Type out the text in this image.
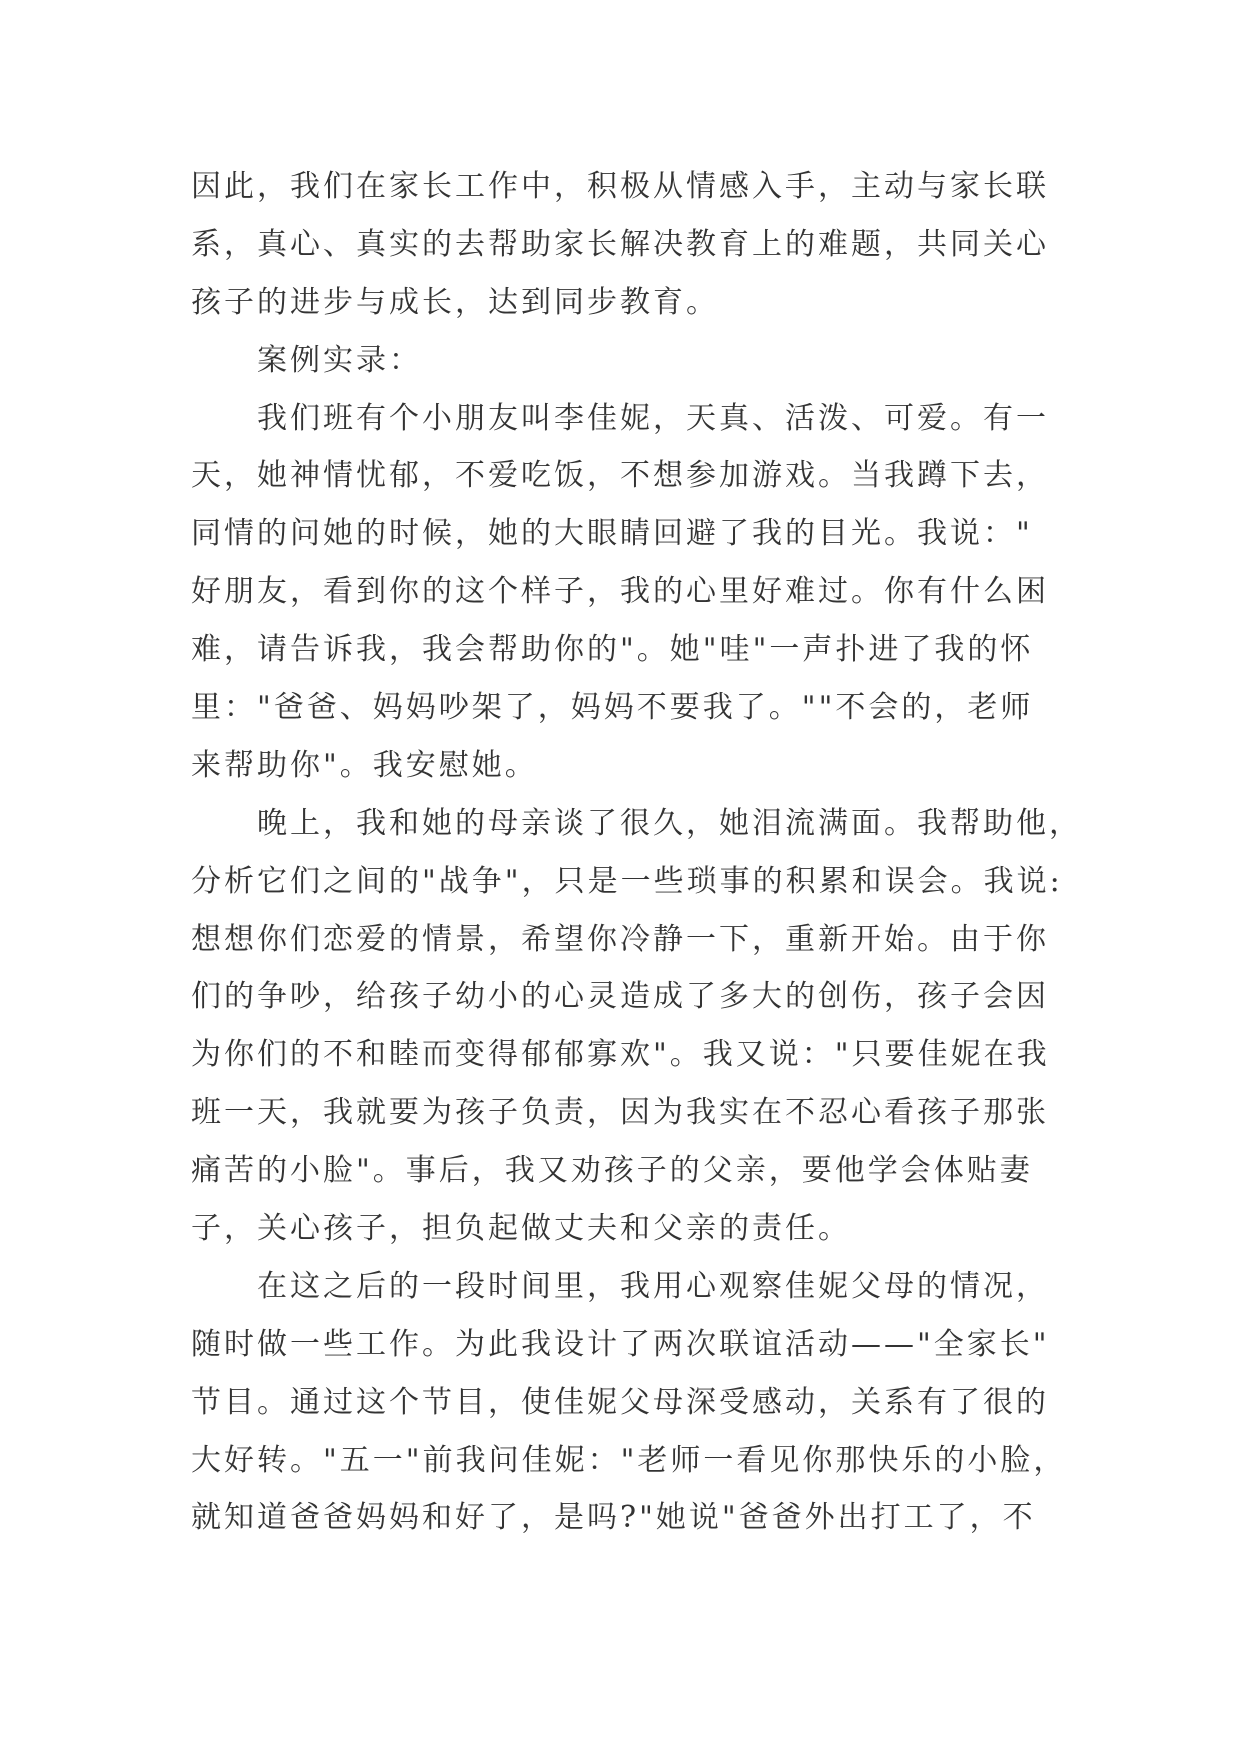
因此，我们在家长工作中，积极从情感入手，主动与家长联
系，真心、真实的去帮助家长解决教育上的难题，共同关心
孩子的进步与成长，达到同步教育。
案例实录：
我们班有个小朋友叫李佳妮，天真、活泼、可爱。有一
天，她神情忧郁，不爱吃饭，不想参加游戏。当我蹲下去，
同情的问她的时候，她的大眼睛回避了我的目光。我说："
好朋友，看到你的这个样子，我的心里好难过。你有什么困
难，请告诉我，我会帮助你的"。她"哇"一声扑进了我的怀
里："爸爸、妈妈吵架了，妈妈不要我了。""不会的，老师
来帮助你"。我安慰她。
晚上，我和她的母亲谈了很久，她泪流满面。我帮助他，
分析它们之间的"战争"，只是一些琐事的积累和误会。我说:
想想你们恋爱的情景，希望你冷静一下，重新开始。由于你
们的争吵，给孩子幼小的心灵造成了多大的创伤，孩子会因
为你们的不和睦而变得郁郁寡欢"。我又说："只要佳妮在我
班一天，我就要为孩子负责，因为我实在不忍心看孩子那张
痛苦的小脸"。事后，我又劝孩子的父亲，要他学会体贴妻
子，关心孩子，担负起做丈夫和父亲的责任。
在这之后的一段时间里，我用心观察佳妮父母的情况，
随时做一些工作。为此我设计了两次联谊活动——"全家长"
节目。通过这个节目，使佳妮父母深受感动，关系有了很的
大好转。"五一"前我问佳妮："老师一看见你那快乐的小脸，
就知道爸爸妈妈和好了，是吗?"她说"爸爸外出打工了，不
